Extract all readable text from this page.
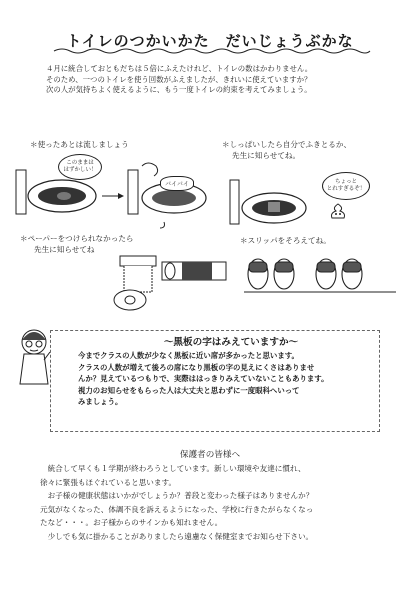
トイレのつかいかた　だいじょうぶかな

４月に統合しておともだちは５倍にふえたけれど、トイレの数はかわりません。

そのため、一つのトイレを使う回数がふえましたが、きれいに使えていますか？

次の人が気持ちよく使えるように、もう一度トイレの約束を考えてみましょう。

＊使ったあとは流しましょう
このままは
はずかしい！
バイバイ
＊しっぱいしたら自分でふきとるか、
先生に知らせてね。
ちょっと
とれすぎるぞ！
＊ペーパーをつけられなかったら
先生に知らせてね
＊スリッパをそろえてね。
～黒板の字はみえていますか～

今までクラスの人数が少なく黒板に近い席が多かったと思います。

クラスの人数が増えて後ろの席になり黒板の字の見えにくさはありませ

んか？見えているつもりで、実際ははっきりみえていないこともあります。

視力のお知らせをもらった人は大丈夫と思わずに一度眼科へいって

みましょう。

保護者の皆様へ

　統合して早くも１学期が終わろうとしています。新しい環境や友達に慣れ、

徐々に緊張もほぐれていると思います。

　お子様の健康状態はいかがでしょうか？普段と変わった様子はありませんか？

元気がなくなった、体調不良を訴えるようになった、学校に行きたがらなくなっ

たなど・・・。お子様からのサインかも知れません。

　少しでも気に掛かることがありましたら遠慮なく保健室までお知らせ下さい。
